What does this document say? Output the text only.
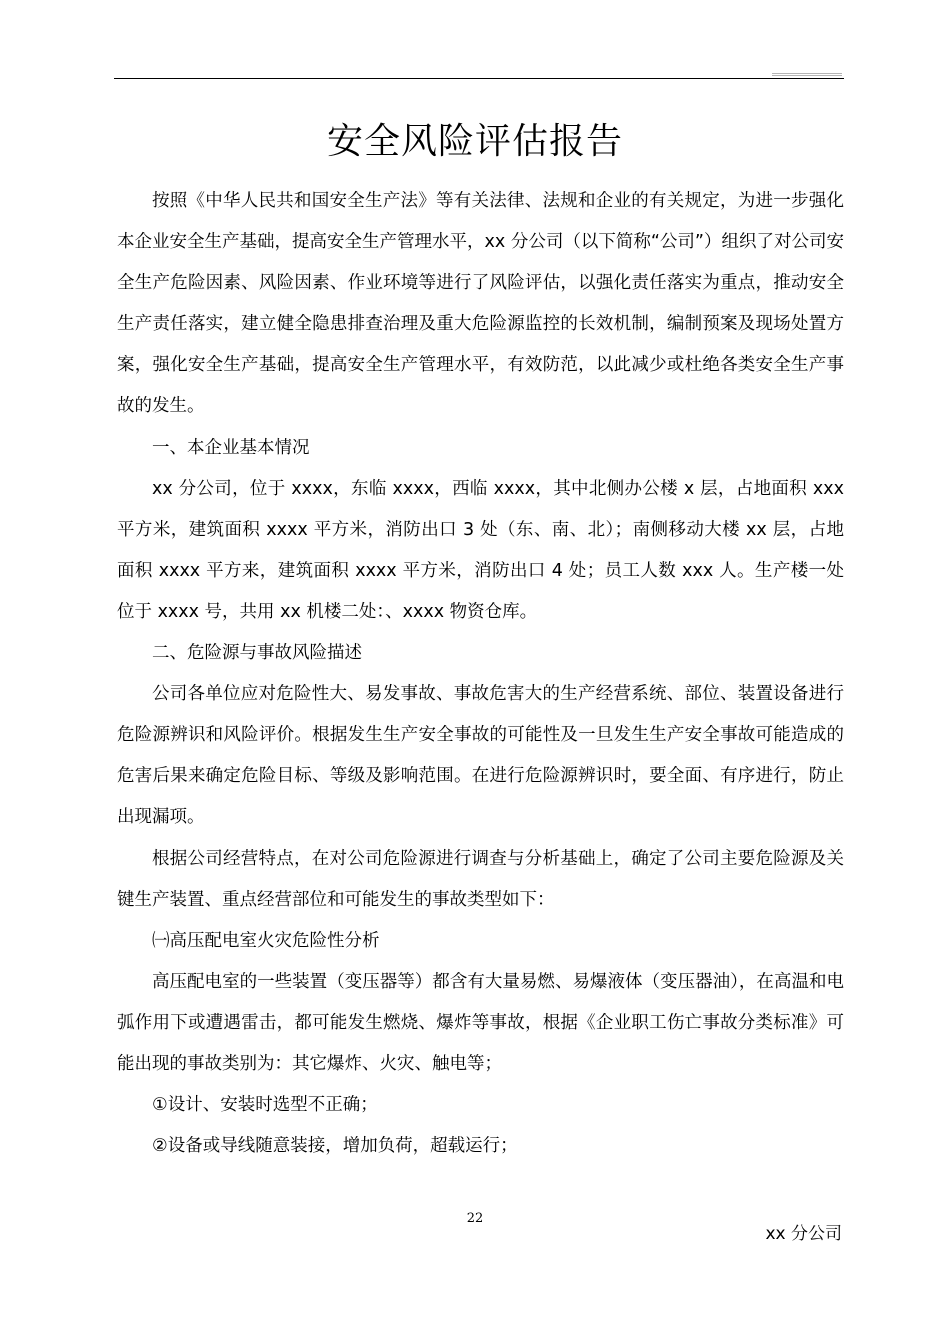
安全风险评估报告

按照《中华人民共和国安全生产法》等有关法律、法规和企业的有关规定，为进一步强化本企业安全生产基础，提高安全生产管理水平，xx 分公司（以下简称“公司”）组织了对公司安全生产危险因素、风险因素、作业环境等进行了风险评估，以强化责任落实为重点，推动安全生产责任落实，建立健全隐患排查治理及重大危险源监控的长效机制，编制预案及现场处置方案，强化安全生产基础，提高安全生产管理水平，有效防范，以此减少或杜绝各类安全生产事故的发生。

一、本企业基本情况

xx 分公司，位于 xxxx，东临 xxxx，西临 xxxx，其中北侧办公楼 x 层，占地面积 xxx 平方米，建筑面积 xxxx 平方米，消防出口 3 处（东、南、北）；南侧移动大楼 xx 层，占地面积 xxxx 平方来，建筑面积 xxxx 平方米，消防出口 4 处；员工人数 xxx 人。生产楼一处位于 xxxx 号，共用 xx 机楼二处：、xxxx 物资仓库。

二、危险源与事故风险描述

公司各单位应对危险性大、易发事故、事故危害大的生产经营系统、部位、装置设备进行危险源辨识和风险评价。根据发生生产安全事故的可能性及一旦发生生产安全事故可能造成的危害后果来确定危险目标、等级及影响范围。在进行危险源辨识时，要全面、有序进行，防止出现漏项。

根据公司经营特点，在对公司危险源进行调查与分析基础上，确定了公司主要危险源及关键生产装置、重点经营部位和可能发生的事故类型如下：

㈠高压配电室火灾危险性分析

高压配电室的一些装置（变压器等）都含有大量易燃、易爆液体（变压器油），在高温和电弧作用下或遭遇雷击，都可能发生燃烧、爆炸等事故，根据《企业职工伤亡事故分类标准》可能出现的事故类别为：其它爆炸、火灾、触电等；

①设计、安装时选型不正确；

②设备或导线随意装接，增加负荷，超载运行；

22
xx 分公司
